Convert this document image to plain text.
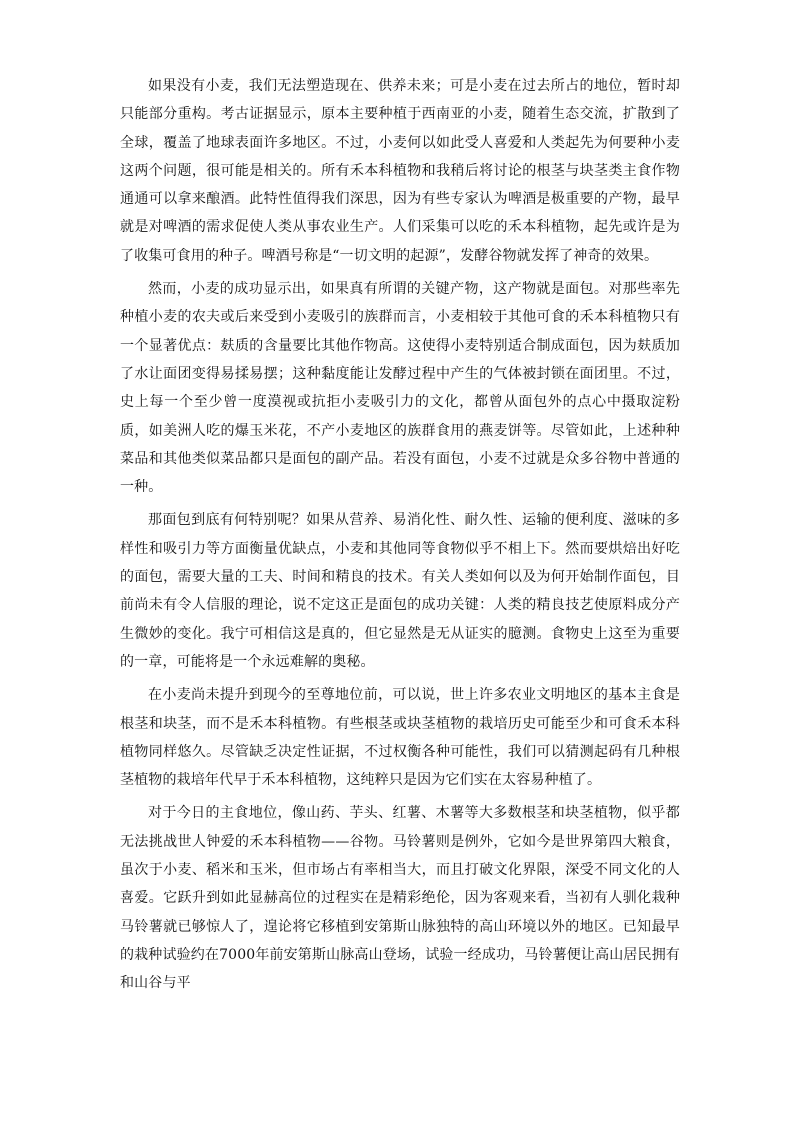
如果没有小麦，我们无法塑造现在、供养未来；可是小麦在过去所占的地位，暂时却只能部分重构。考古证据显示，原本主要种植于西南亚的小麦，随着生态交流，扩散到了全球，覆盖了地球表面许多地区。不过，小麦何以如此受人喜爱和人类起先为何要种小麦这两个问题，很可能是相关的。所有禾本科植物和我稍后将讨论的根茎与块茎类主食作物通通可以拿来酿酒。此特性值得我们深思，因为有些专家认为啤酒是极重要的产物，最早就是对啤酒的需求促使人类从事农业生产。人们采集可以吃的禾本科植物，起先或许是为了收集可食用的种子。啤酒号称是“一切文明的起源”，发酵谷物就发挥了神奇的效果。

然而，小麦的成功显示出，如果真有所谓的关键产物，这产物就是面包。对那些率先种植小麦的农夫或后来受到小麦吸引的族群而言，小麦相较于其他可食的禾本科植物只有一个显著优点：麸质的含量要比其他作物高。这使得小麦特别适合制成面包，因为麸质加了水让面团变得易揉易摆；这种黏度能让发酵过程中产生的气体被封锁在面团里。不过，史上每一个至少曾一度漠视或抗拒小麦吸引力的文化，都曾从面包外的点心中摄取淀粉质，如美洲人吃的爆玉米花，不产小麦地区的族群食用的燕麦饼等。尽管如此，上述种种菜品和其他类似菜品都只是面包的副产品。若没有面包，小麦不过就是众多谷物中普通的一种。

那面包到底有何特别呢？如果从营养、易消化性、耐久性、运输的便利度、滋味的多样性和吸引力等方面衡量优缺点，小麦和其他同等食物似乎不相上下。然而要烘焙出好吃的面包，需要大量的工夫、时间和精良的技术。有关人类如何以及为何开始制作面包，目前尚未有令人信服的理论，说不定这正是面包的成功关键：人类的精良技艺使原料成分产生微妙的变化。我宁可相信这是真的，但它显然是无从证实的臆测。食物史上这至为重要的一章，可能将是一个永远难解的奥秘。

在小麦尚未提升到现今的至尊地位前，可以说，世上许多农业文明地区的基本主食是根茎和块茎，而不是禾本科植物。有些根茎或块茎植物的栽培历史可能至少和可食禾本科植物同样悠久。尽管缺乏决定性证据，不过权衡各种可能性，我们可以猜测起码有几种根茎植物的栽培年代早于禾本科植物，这纯粹只是因为它们实在太容易种植了。

对于今日的主食地位，像山药、芋头、红薯、木薯等大多数根茎和块茎植物，似乎都无法挑战世人钟爱的禾本科植物——谷物。马铃薯则是例外，它如今是世界第四大粮食，虽次于小麦、稻米和玉米，但市场占有率相当大，而且打破文化界限，深受不同文化的人喜爱。它跃升到如此显赫高位的过程实在是精彩绝伦，因为客观来看，当初有人驯化栽种马铃薯就已够惊人了，遑论将它移植到安第斯山脉独特的高山环境以外的地区。已知最早的栽种试验约在7000年前安第斯山脉高山登场，试验一经成功，马铃薯便让高山居民拥有和山谷与平
